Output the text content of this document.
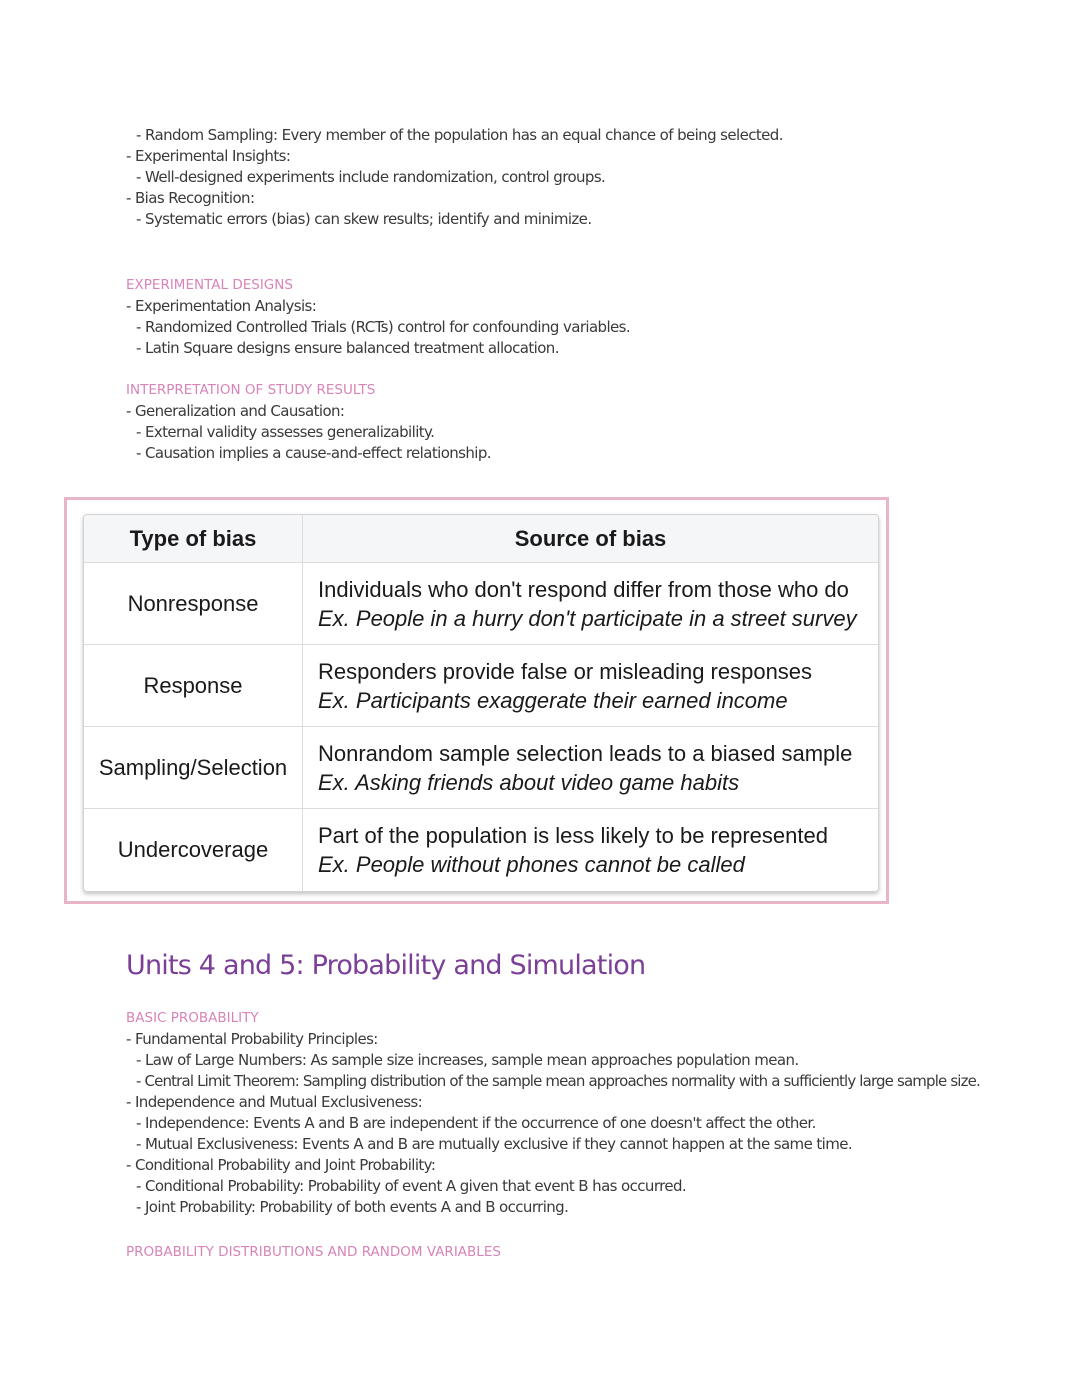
- Random Sampling: Every member of the population has an equal chance of being selected.
- Experimental Insights:
- Well-designed experiments include randomization, control groups.
- Bias Recognition:
- Systematic errors (bias) can skew results; identify and minimize.
EXPERIMENTAL DESIGNS
- Experimentation Analysis:
- Randomized Controlled Trials (RCTs) control for confounding variables.
- Latin Square designs ensure balanced treatment allocation.
INTERPRETATION OF STUDY RESULTS
- Generalization and Causation:
- External validity assesses generalizability.
- Causation implies a cause-and-effect relationship.
Type of bias	Source of bias
Nonresponse
Individuals who don't respond differ from those who do
Ex. People in a hurry don't participate in a street survey
Response
Responders provide false or misleading responses
Ex. Participants exaggerate their earned income
Sampling/Selection
Nonrandom sample selection leads to a biased sample
Ex. Asking friends about video game habits
Undercoverage
Part of the population is less likely to be represented
Ex. People without phones cannot be called
Units 4 and 5: Probability and Simulation
BASIC PROBABILITY
- Fundamental Probability Principles:
- Law of Large Numbers: As sample size increases, sample mean approaches population mean.
- Central Limit Theorem: Sampling distribution of the sample mean approaches normality with a sufficiently large sample size.
- Independence and Mutual Exclusiveness:
- Independence: Events A and B are independent if the occurrence of one doesn't affect the other.
- Mutual Exclusiveness: Events A and B are mutually exclusive if they cannot happen at the same time.
- Conditional Probability and Joint Probability:
- Conditional Probability: Probability of event A given that event B has occurred.
- Joint Probability: Probability of both events A and B occurring.
PROBABILITY DISTRIBUTIONS AND RANDOM VARIABLES
